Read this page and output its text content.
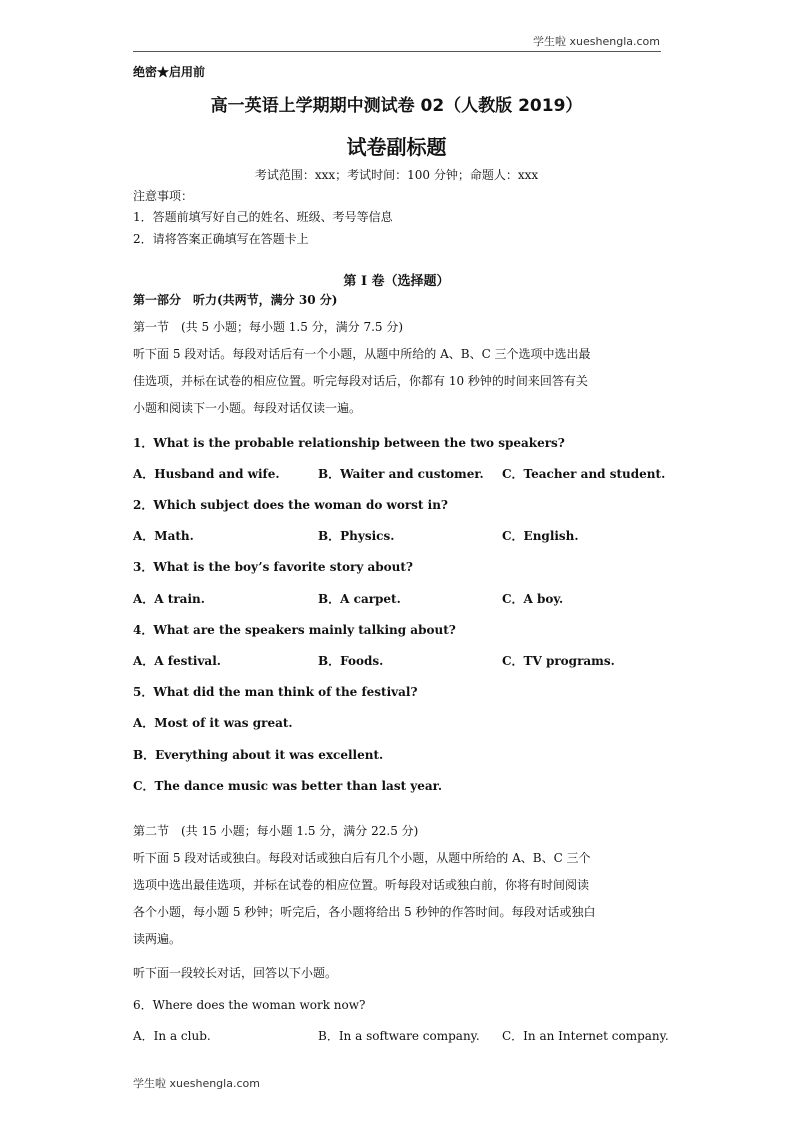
学生啦 xueshengla.com
绝密★启用前
高一英语上学期期中测试卷 02（人教版 2019）
试卷副标题
考试范围：xxx；考试时间：100 分钟；命题人：xxx
注意事项：
1．答题前填写好自己的姓名、班级、考号等信息
2．请将答案正确填写在答题卡上
第 I 卷（选择题）
第一部分　听力(共两节，满分 30 分)
第一节　(共 5 小题；每小题 1.5 分，满分 7.5 分)
听下面 5 段对话。每段对话后有一个小题，从题中所给的 A、B、C 三个选项中选出最
佳选项，并标在试卷的相应位置。听完每段对话后，你都有 10 秒钟的时间来回答有关
小题和阅读下一小题。每段对话仅读一遍。
1．What is the probable relationship between the two speakers?
A．Husband and wife.	B．Waiter and customer. C．Teacher and student.
2．Which subject does the woman do worst in?
A．Math.	B．Physics.	C．English.
3．What is the boy’s favorite story about?
A．A train.	B．A carpet.	C．A boy.
4．What are the speakers mainly talking about?
A．A festival.	B．Foods.	C．TV programs.
5．What did the man think of the festival?
A．Most of it was great.
B．Everything about it was excellent.
C．The dance music was better than last year.
第二节　(共 15 小题；每小题 1.5 分，满分 22.5 分)
听下面 5 段对话或独白。每段对话或独白后有几个小题，从题中所给的 A、B、C 三个
选项中选出最佳选项，并标在试卷的相应位置。听每段对话或独白前，你将有时间阅读
各个小题，每小题 5 秒钟；听完后，各小题将给出 5 秒钟的作答时间。每段对话或独白
读两遍。
听下面一段较长对话，回答以下小题。
6．Where does the woman work now?
A．In a club.	B．In a software company. C．In an Internet company.
学生啦 xueshengla.com
